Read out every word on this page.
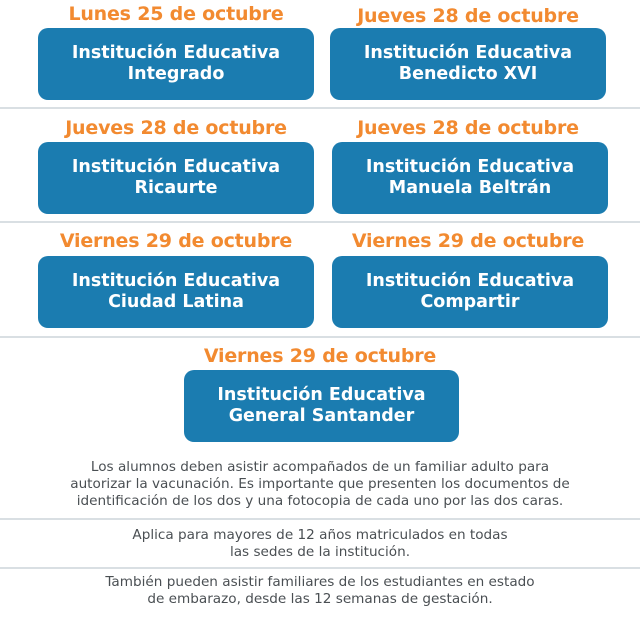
Lunes 25 de octubre
Institución Educativa
Integrado
Jueves 28 de octubre
Institución Educativa
Benedicto XVI
Jueves 28 de octubre
Institución Educativa
Ricaurte
Jueves 28 de octubre
Institución Educativa
Manuela Beltrán
Viernes 29 de octubre
Institución Educativa
Ciudad Latina
Viernes 29 de octubre
Institución Educativa
Compartir
Viernes 29 de octubre
Institución Educativa
General Santander
Los alumnos deben asistir acompañados de un familiar adulto para
autorizar la vacunación. Es importante que presenten los documentos de
identificación de los dos y una fotocopia de cada uno por las dos caras.
Aplica para mayores de 12 años matriculados en todas
las sedes de la institución.
También pueden asistir familiares de los estudiantes en estado
de embarazo, desde las 12 semanas de gestación.
